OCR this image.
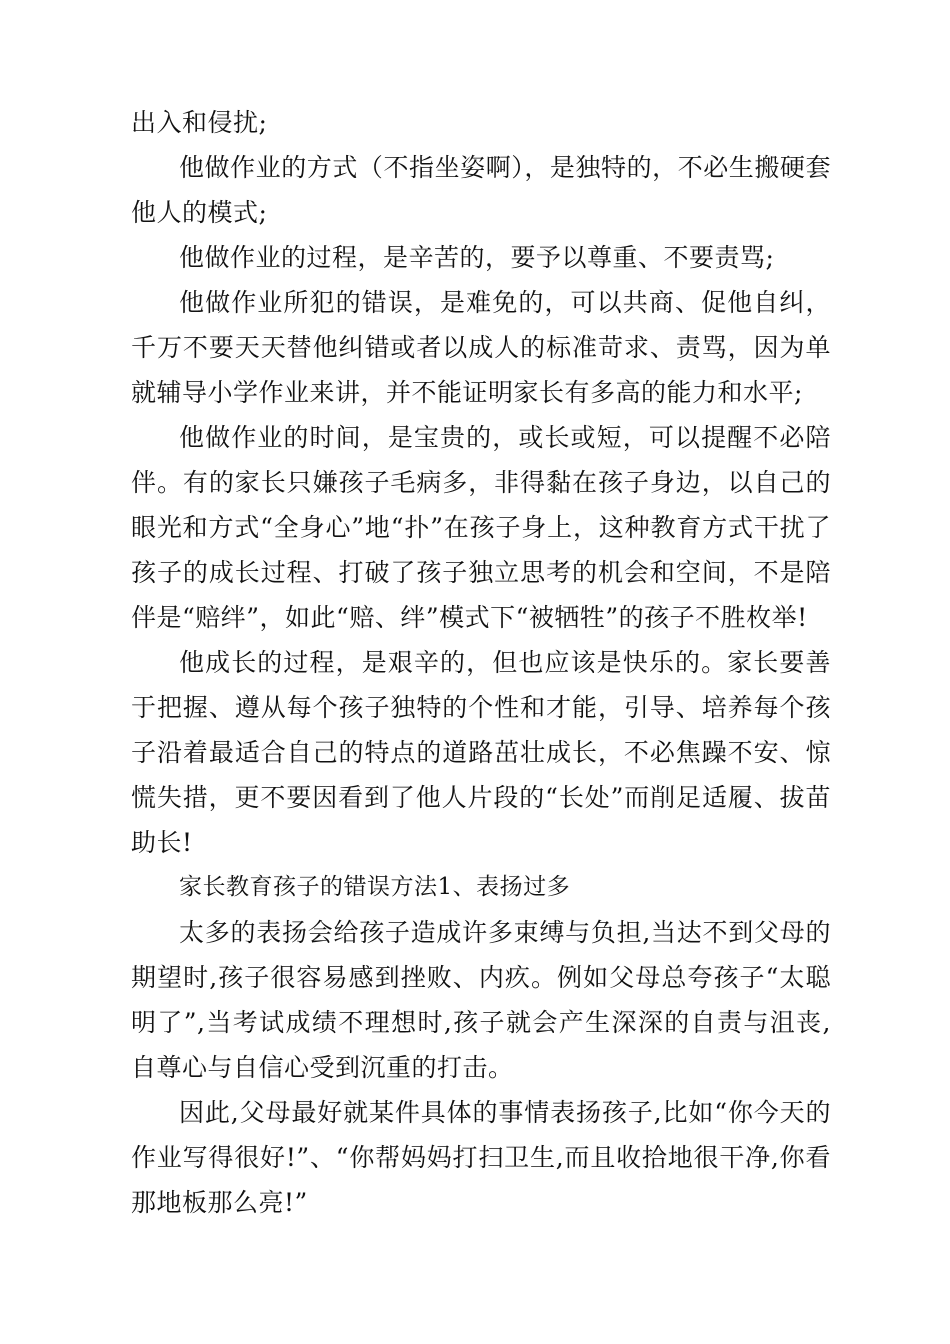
出入和侵扰;

他做作业的方式（不指坐姿啊），是独特的，不必生搬硬套他人的模式;

他做作业的过程，是辛苦的，要予以尊重、不要责骂;

他做作业所犯的错误，是难免的，可以共商、促他自纠，千万不要天天替他纠错或者以成人的标准苛求、责骂，因为单就辅导小学作业来讲，并不能证明家长有多高的能力和水平;

他做作业的时间，是宝贵的，或长或短，可以提醒不必陪伴。有的家长只嫌孩子毛病多，非得黏在孩子身边，以自己的眼光和方式“全身心”地“扑”在孩子身上，这种教育方式干扰了孩子的成长过程、打破了孩子独立思考的机会和空间，不是陪伴是“赔绊”，如此“赔、绊”模式下“被牺牲”的孩子不胜枚举!

他成长的过程，是艰辛的，但也应该是快乐的。家长要善于把握、遵从每个孩子独特的个性和才能，引导、培养每个孩子沿着最适合自己的特点的道路茁壮成长，不必焦躁不安、惊慌失措，更不要因看到了他人片段的“长处”而削足适履、拔苗助长!

家长教育孩子的错误方法1、表扬过多

太多的表扬会给孩子造成许多束缚与负担,当达不到父母的期望时,孩子很容易感到挫败、内疚。例如父母总夸孩子“太聪明了”,当考试成绩不理想时,孩子就会产生深深的自责与沮丧,自尊心与自信心受到沉重的打击。

因此,父母最好就某件具体的事情表扬孩子,比如“你今天的作业写得很好!”、“你帮妈妈打扫卫生,而且收拾地很干净,你看那地板那么亮!”
